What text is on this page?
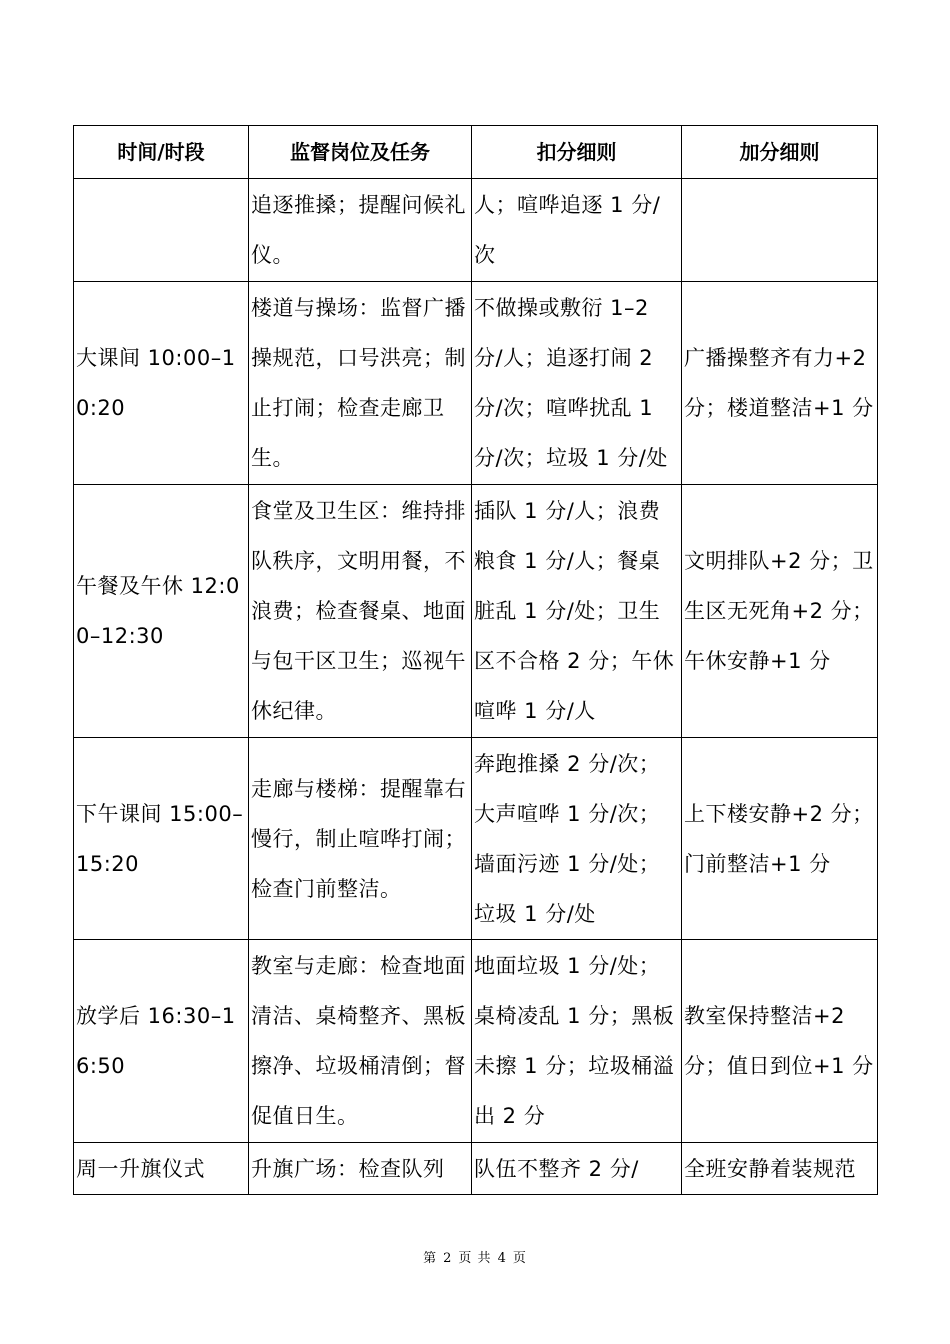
时间/时段	监督岗位及任务	扣分细则	加分细则

	追逐推搡；提醒问候礼仪。	人；喧哗追逐 1 分/次	

大课间 10:00–10:20	楼道与操场：监督广播操规范，口号洪亮；制止打闹；检查走廊卫生。	不做操或敷衍 1–2 分/人；追逐打闹 2 分/次；喧哗扰乱 1 分/次；垃圾 1 分/处	广播操整齐有力+2 分；楼道整洁+1 分

午餐及午休 12:00–12:30	食堂及卫生区：维持排队秩序，文明用餐，不浪费；检查餐桌、地面与包干区卫生；巡视午休纪律。	插队 1 分/人；浪费粮食 1 分/人；餐桌脏乱 1 分/处；卫生区不合格 2 分；午休喧哗 1 分/人	文明排队+2 分；卫生区无死角+2 分；午休安静+1 分

下午课间 15:00–15:20	走廊与楼梯：提醒靠右慢行，制止喧哗打闹；检查门前整洁。	奔跑推搡 2 分/次；大声喧哗 1 分/次；墙面污迹 1 分/处；垃圾 1 分/处	上下楼安静+2 分；门前整洁+1 分

放学后 16:30–16:50	教室与走廊：检查地面清洁、桌椅整齐、黑板擦净、垃圾桶清倒；督促值日生。	地面垃圾 1 分/处；桌椅凌乱 1 分；黑板未擦 1 分；垃圾桶溢出 2 分	教室保持整洁+2 分；值日到位+1 分

周一升旗仪式	升旗广场：检查队列	队伍不整齐 2 分/	全班安静着装规范
第 2 页 共 4 页
